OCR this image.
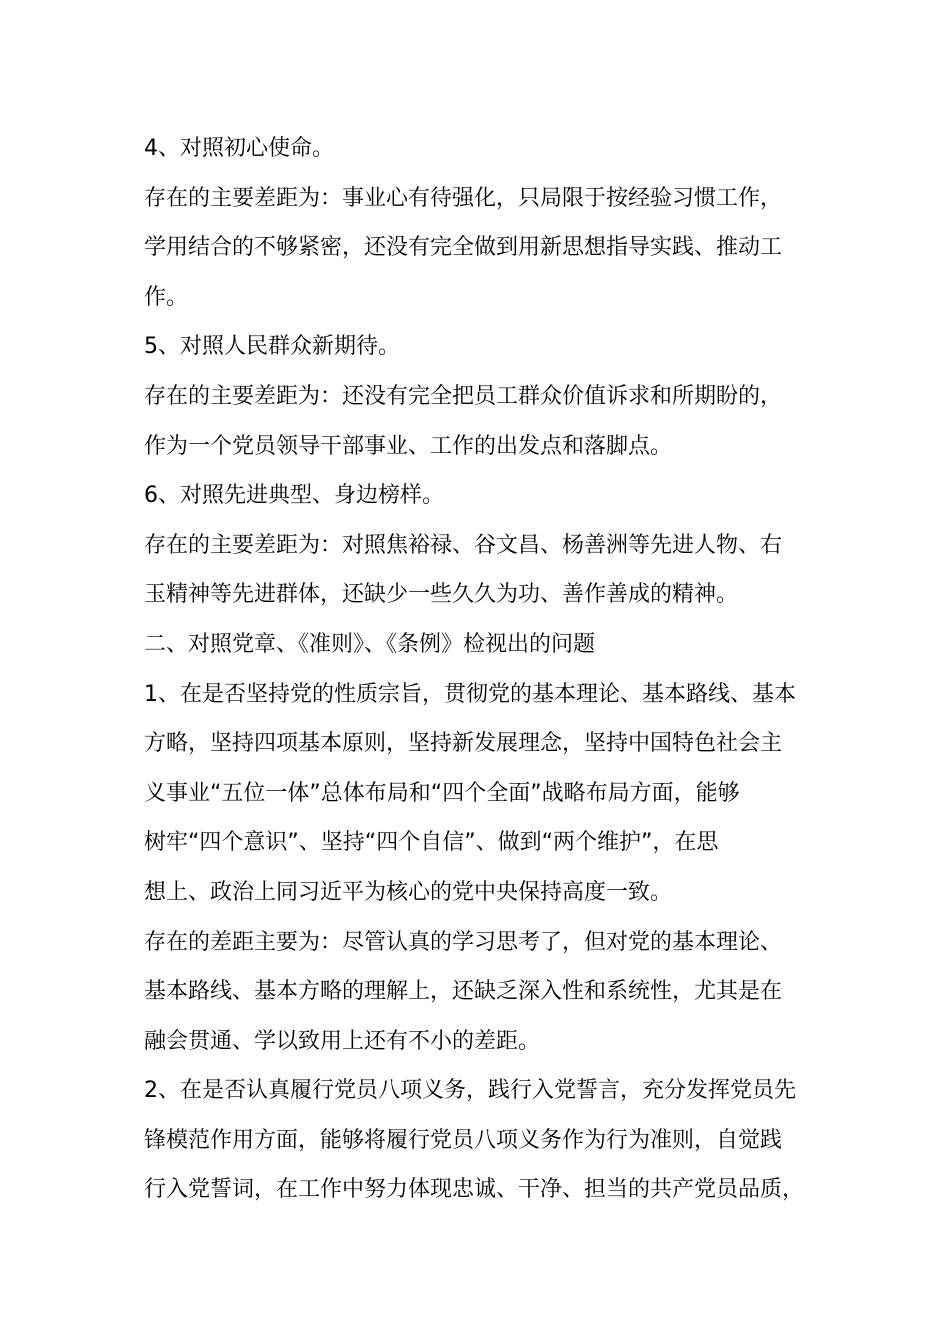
4、对照初心使命。
存在的主要差距为：事业心有待强化，只局限于按经验习惯工作，
学用结合的不够紧密，还没有完全做到用新思想指导实践、推动工
作。
5、对照人民群众新期待。
存在的主要差距为：还没有完全把员工群众价值诉求和所期盼的，
作为一个党员领导干部事业、工作的出发点和落脚点。
6、对照先进典型、身边榜样。
存在的主要差距为：对照焦裕禄、谷文昌、杨善洲等先进人物、右
玉精神等先进群体，还缺少一些久久为功、善作善成的精神。
二、对照党章、《准则》、《条例》检视出的问题
1、在是否坚持党的性质宗旨，贯彻党的基本理论、基本路线、基本
方略，坚持四项基本原则，坚持新发展理念，坚持中国特色社会主
义事业“五位一体”总体布局和“四个全面”战略布局方面，能够
树牢“四个意识”、坚持“四个自信”、做到“两个维护”，在思
想上、政治上同习近平为核心的党中央保持高度一致。
存在的差距主要为：尽管认真的学习思考了，但对党的基本理论、
基本路线、基本方略的理解上，还缺乏深入性和系统性，尤其是在
融会贯通、学以致用上还有不小的差距。
2、在是否认真履行党员八项义务，践行入党誓言，充分发挥党员先
锋模范作用方面，能够将履行党员八项义务作为行为准则，自觉践
行入党誓词，在工作中努力体现忠诚、干净、担当的共产党员品质，
